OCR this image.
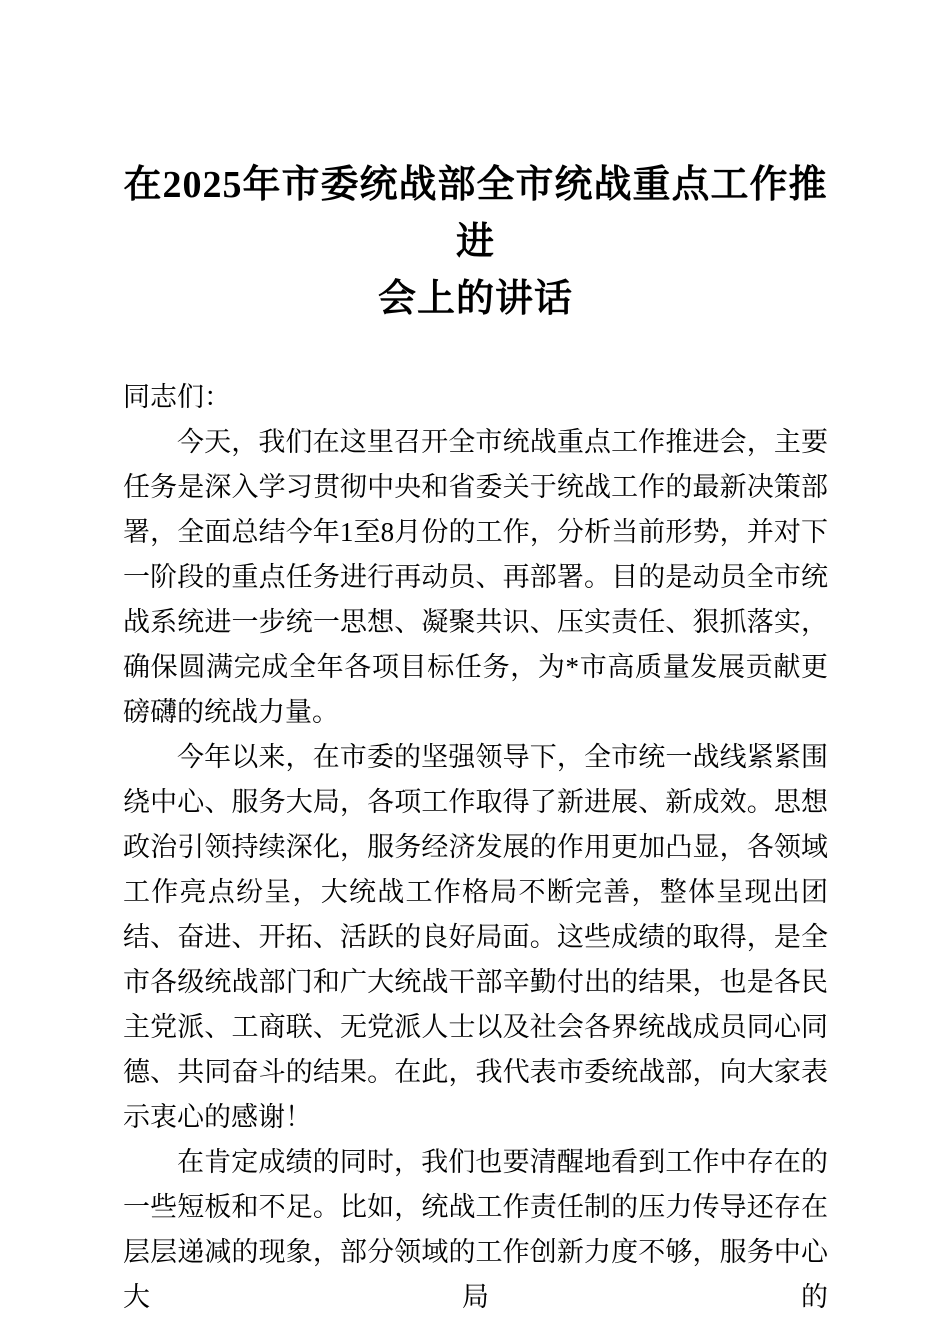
在2025年市委统战部全市统战重点工作推进
会上的讲话

同志们：

今天，我们在这里召开全市统战重点工作推进会，主要任务是深入学习贯彻中央和省委关于统战工作的最新决策部署，全面总结今年1至8月份的工作，分析当前形势，并对下一阶段的重点任务进行再动员、再部署。目的是动员全市统战系统进一步统一思想、凝聚共识、压实责任、狠抓落实，确保圆满完成全年各项目标任务，为*市高质量发展贡献更磅礴的统战力量。

今年以来，在市委的坚强领导下，全市统一战线紧紧围绕中心、服务大局，各项工作取得了新进展、新成效。思想政治引领持续深化，服务经济发展的作用更加凸显，各领域工作亮点纷呈，大统战工作格局不断完善，整体呈现出团结、奋进、开拓、活跃的良好局面。这些成绩的取得，是全市各级统战部门和广大统战干部辛勤付出的结果，也是各民主党派、工商联、无党派人士以及社会各界统战成员同心同德、共同奋斗的结果。在此，我代表市委统战部，向大家表示衷心的感谢！

在肯定成绩的同时，我们也要清醒地看到工作中存在的一些短板和不足。比如，统战工作责任制的压力传导还存在层层递减的现象，部分领域的工作创新力度不够，服务中心大局的
